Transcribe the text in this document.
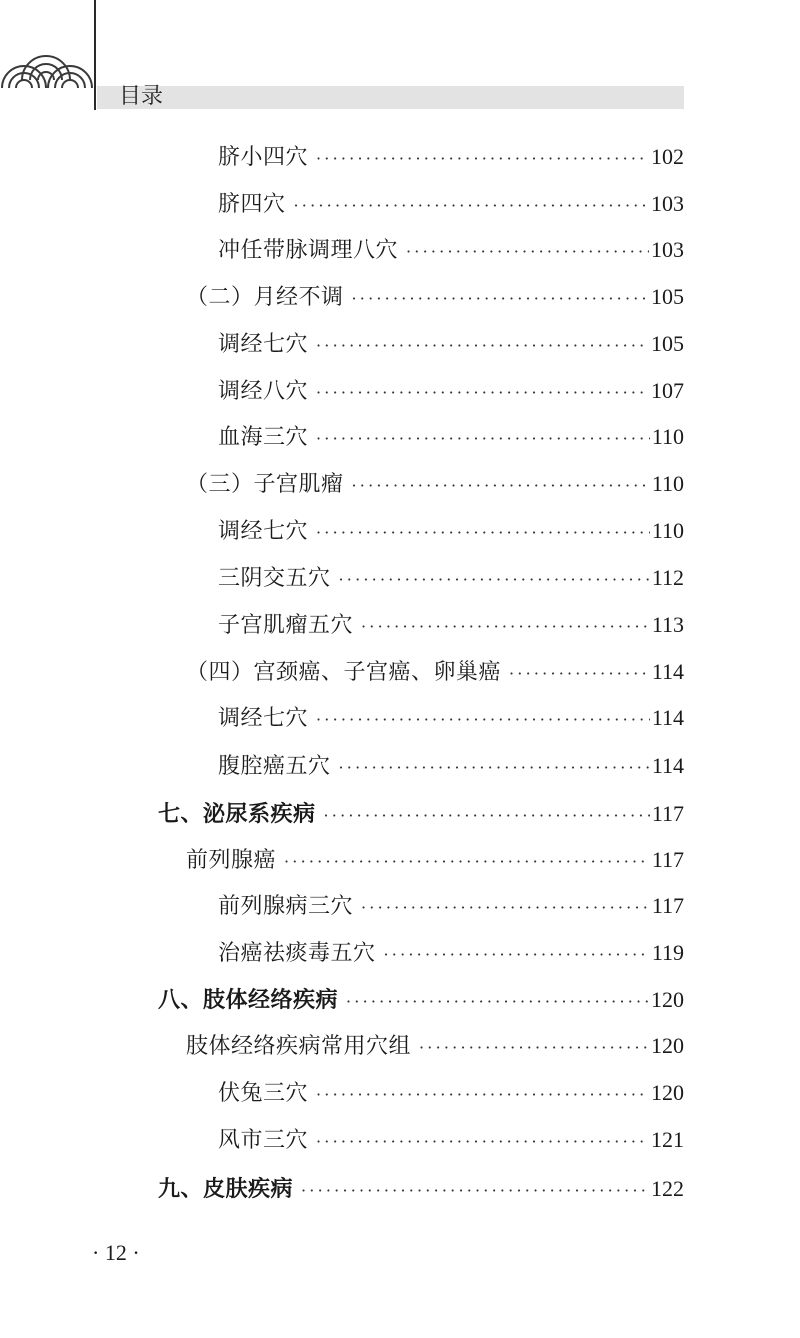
目录
脐小四穴 ·····	102
脐四穴 ·····	103
冲任带脉调理八穴 ·····	103
（二）月经不调 ·····	105
调经七穴 ·····	105
调经八穴 ·····	107
血海三穴 ·····	110
（三）子宫肌瘤 ·····	110
调经七穴 ·····	110
三阴交五穴 ·····	112
子宫肌瘤五穴 ·····	113
（四）宫颈癌、子宫癌、卵巢癌 ·····	114
调经七穴 ·····	114
腹腔癌五穴 ·····	114
七、泌尿系疾病 ·····	117
前列腺癌 ·····	117
前列腺病三穴 ·····	117
治癌祛痰毒五穴 ·····	119
八、肢体经络疾病 ·····	120
肢体经络疾病常用穴组 ·····	120
伏兔三穴 ·····	120
风市三穴 ·····	121
九、皮肤疾病 ·····	122
· 12 ·
